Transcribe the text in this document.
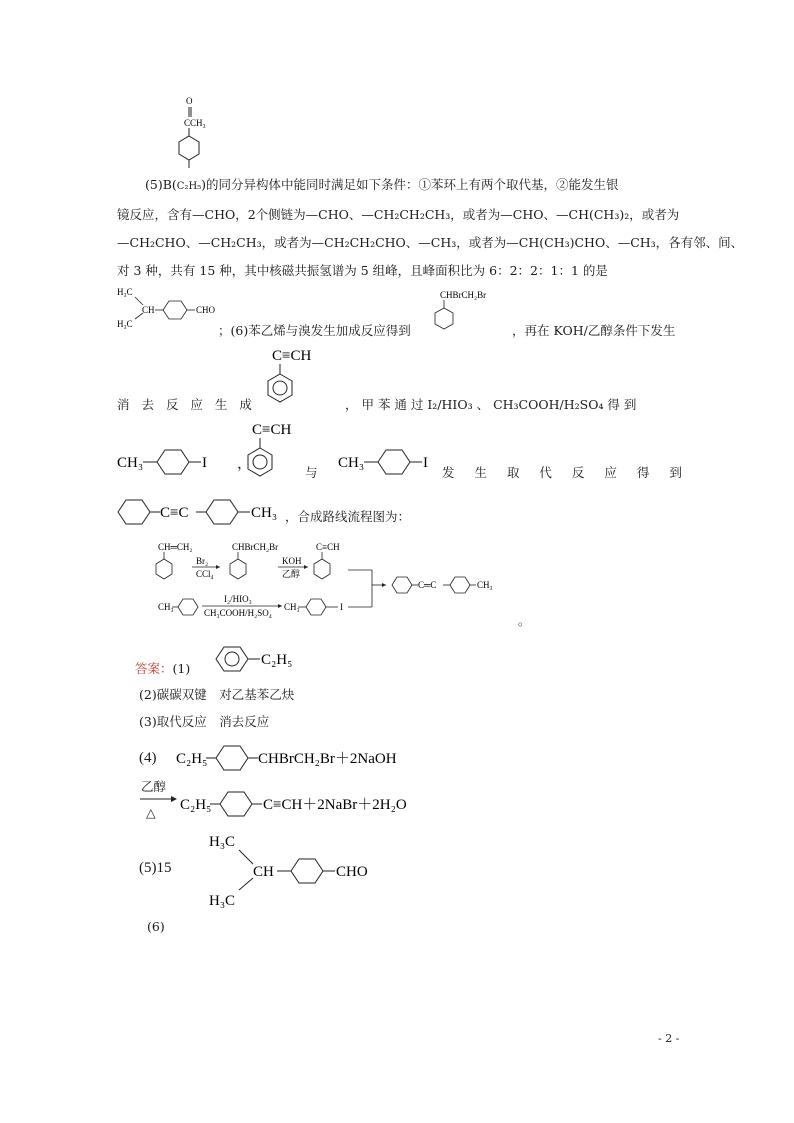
O
CCH₃
(5)B(C₂H₅)的同分异构体中能同时满足如下条件：①苯环上有两个取代基，②能发生银
镜反应，含有—CHO，2个侧链为—CHO、—CH₂CH₂CH₃，或者为—CHO、—CH(CH₃)₂，或者为
—CH₂CHO、—CH₂CH₃，或者为—CH₂CH₂CHO、—CH₃，或者为—CH(CH₃)CHO、—CH₃，各有邻、间、
对 3 种，共有 15 种，其中核磁共振氢谱为 5 组峰，且峰面积比为 6：2：2：1：1 的是
H₃C
H₃C
CH	CHO
；(6)苯乙烯与溴发生加成反应得到
CHBrCH₂Br
，再在 KOH/乙醇条件下发生
C≡CH
消 去 反 应 生 成	， 甲 苯 通 过 I₂/HIO₃ 、 CH₃COOH/H₂SO₄ 得 到
CH₃	I ，
C≡CH
与
CH₃	I
发 生 取 代 反 应 得 到
C≡C	CH₃ ，合成路线流程图为：
CH═CH₂
Br₂
CCl₄
CHBrCH₂Br
KOH
乙醇
C≡CH
CH₃
I₂/HIO₃
CH₃COOH/H₂SO₄
CH₃	I
C═C	CH₃
。
答案：(1)
C₂H₅
(2)碳碳双键　对乙基苯乙炔
(3)取代反应　消去反应
(4) C₂H₅	CHBrCH₂Br＋2NaOH
乙醇
△ C₂H₅	C≡CH＋2NaBr＋2H₂O
(5)15
H₃C
H₃C
CH	CHO
(6)
- 2 -
